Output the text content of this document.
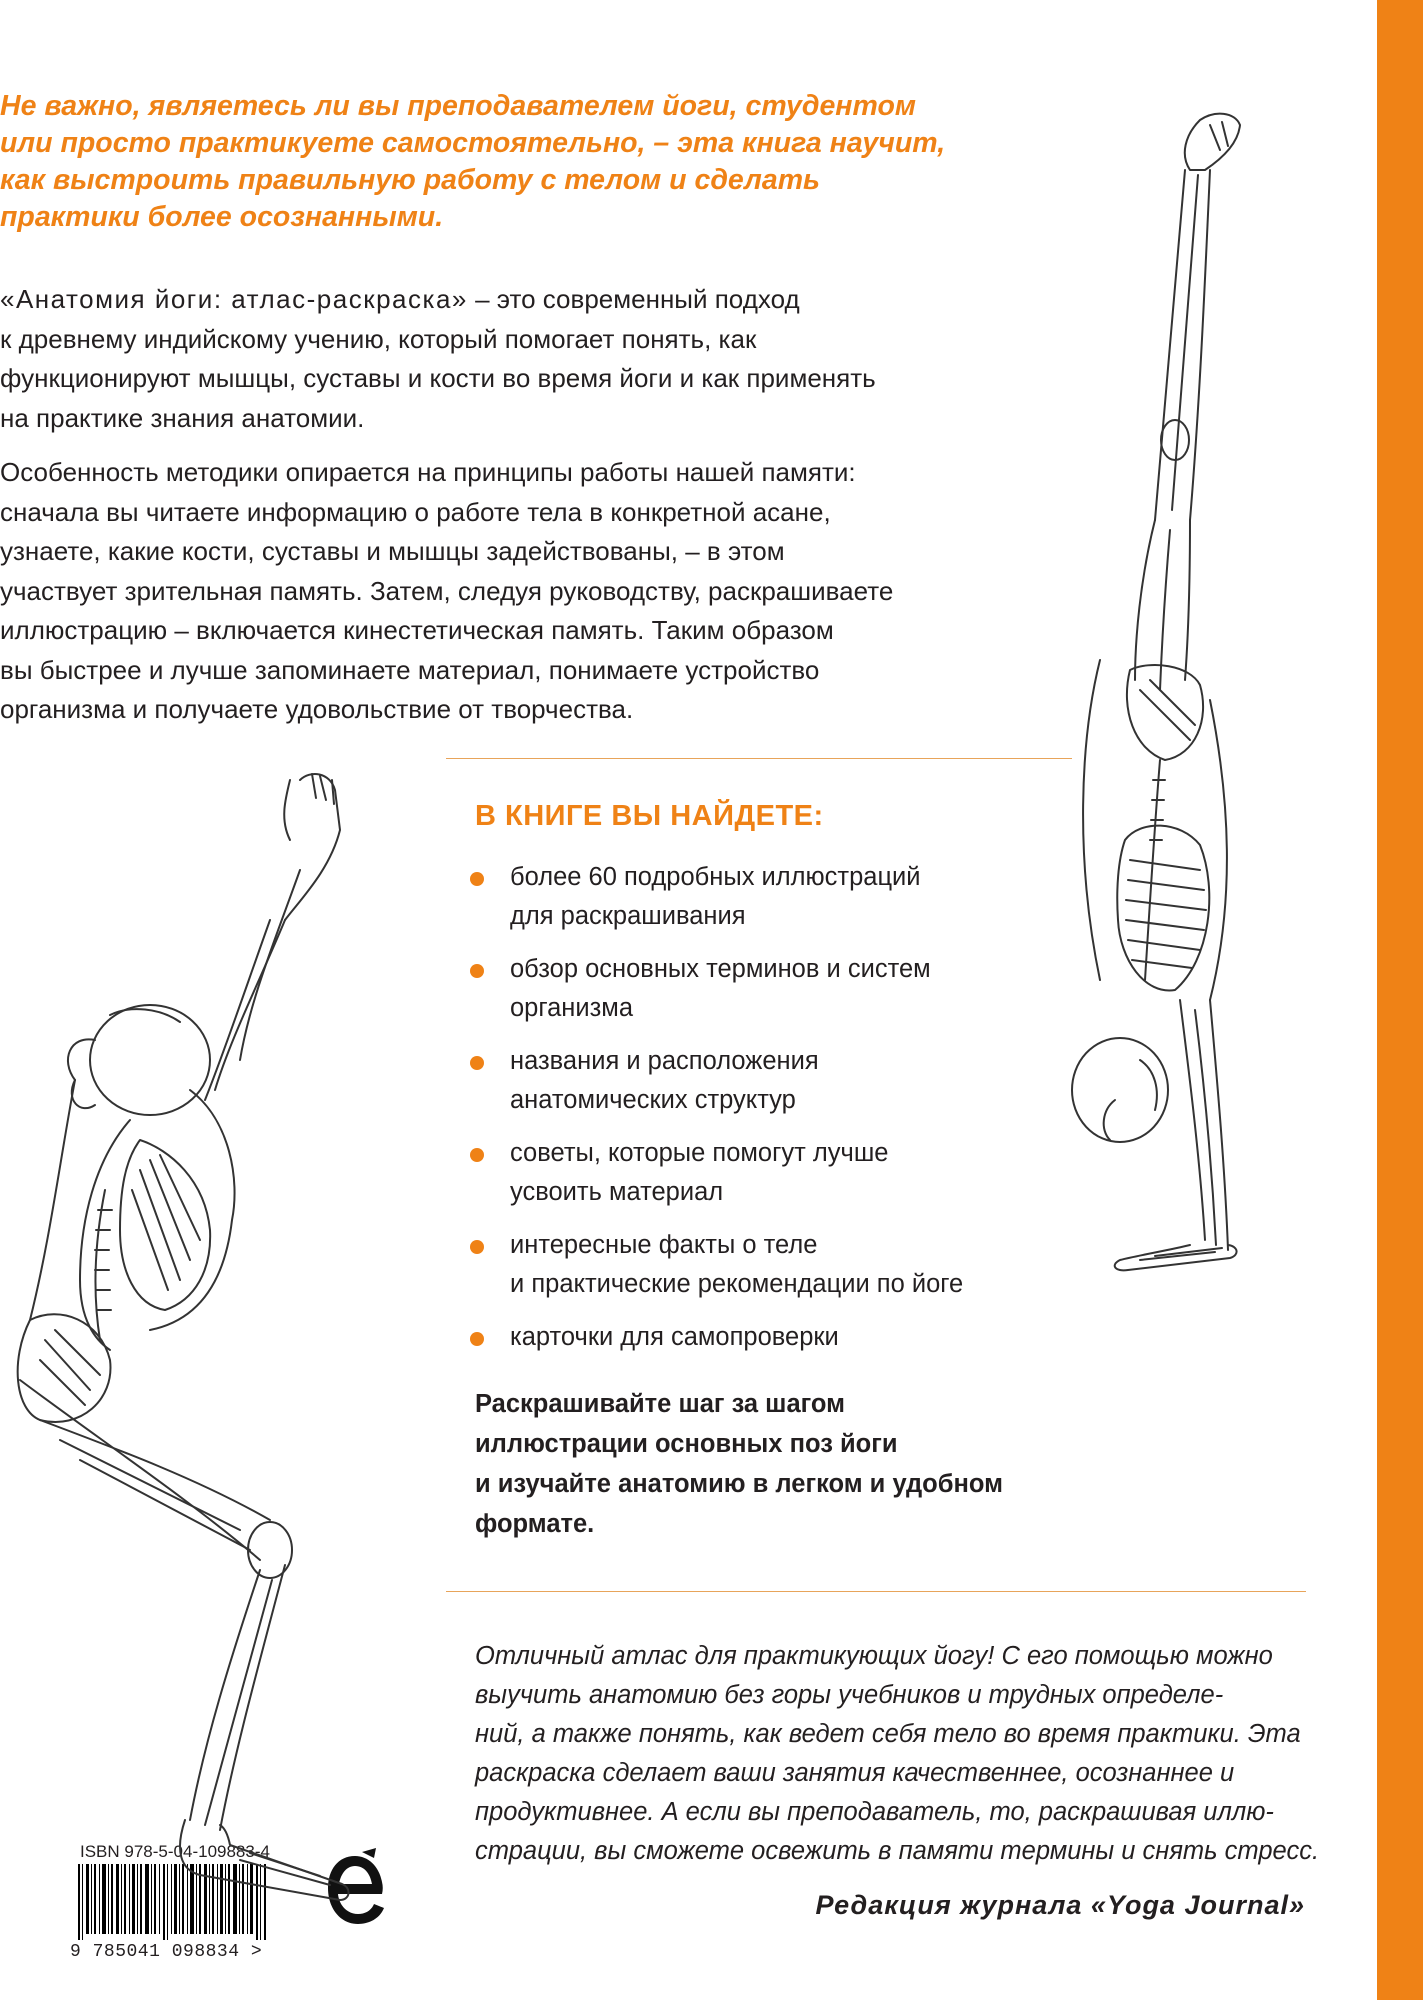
Не важно, являетесь ли вы преподавателем йоги, студентом
или просто практикуете самостоятельно, – эта книга научит,
как выстроить правильную работу с телом и сделать
практики более осознанными.
«Анатомия йоги: атлас-раскраска» – это современный подход
к древнему индийскому учению, который помогает понять, как
функционируют мышцы, суставы и кости во время йоги и как применять
на практике знания анатомии.
Особенность методики опирается на принципы работы нашей памяти:
сначала вы читаете информацию о работе тела в конкретной асане,
узнаете, какие кости, суставы и мышцы задействованы, – в этом
участвует зрительная память. Затем, следуя руководству, раскрашиваете
иллюстрацию – включается кинестетическая память. Таким образом
вы быстрее и лучше запоминаете материал, понимаете устройство
организма и получаете удовольствие от творчества.
В КНИГЕ ВЫ НАЙДЕТЕ:
более 60 подробных иллюстраций
для раскрашивания
обзор основных терминов и систем
организма
названия и расположения
анатомических структур
советы, которые помогут лучше
усвоить материал
интересные факты о теле
и практические рекомендации по йоге
карточки для самопроверки
Раскрашивайте шаг за шагом
иллюстрации основных поз йоги
и изучайте анатомию в легком и удобном
формате.
Отличный атлас для практикующих йогу! С его помощью можно
выучить анатомию без горы учебников и трудных определе-
ний, а также понять, как ведет себя тело во время практики. Эта
раскраска сделает ваши занятия качественнее, осознаннее и
продуктивнее. А если вы преподаватель, то, раскрашивая иллю-
страции, вы сможете освежить в памяти термины и снять стресс.
Редакция журнала «Yoga Journal»
ISBN 978-5-04-109883-4
9 785041 098834 >
